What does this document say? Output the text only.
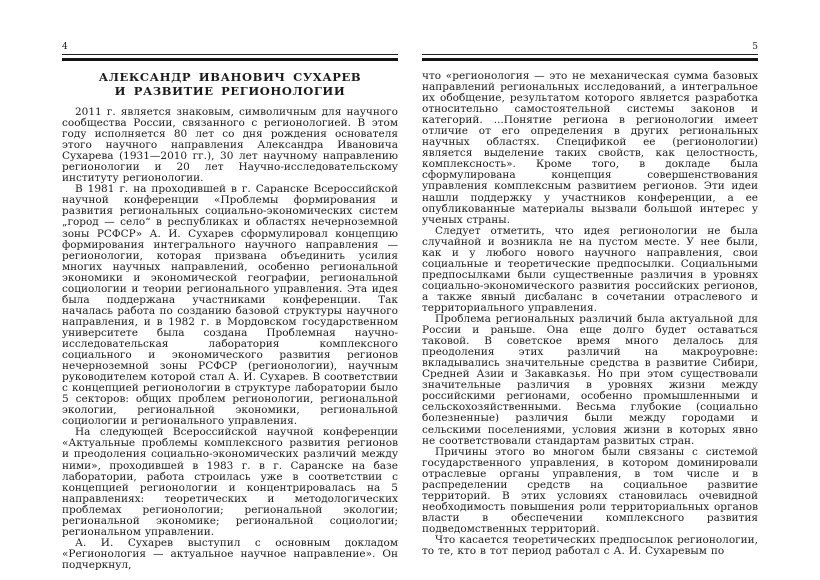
4
АЛЕКСАНДР ИВАНОВИЧ СУХАРЕВ
И РАЗВИТИЕ РЕГИОНОЛОГИИ

2011 г. является знаковым, символичным для научного сообщества России, связанного с регионологией. В этом году исполняется 80 лет со дня рождения основателя этого научного направления Александра Ивановича Сухарева (1931—2010 гг.), 30 лет научному направлению регионологии и 20 лет Научно-исследовательскому институту регионологии.

В 1981 г. на проходившей в г. Саранске Всероссийской научной конференции «Проблемы формирования и развития региональных социально-экономических систем „город — село“ в республиках и областях нечерноземной зоны РСФСР» А. И. Сухарев сформулировал концепцию формирования интегрального научного направления — регионологии, которая призвана объединить усилия многих научных направлений, особенно региональной экономики и экономической географии, региональной социологии и теории регионального управления. Эта идея была поддержана участниками конференции. Так началась работа по созданию базовой структуры научного направления, и в 1982 г. в Мордовском государственном университете была создана Проблемная научно-исследовательская лаборатория комплексного социального и экономического развития регионов нечерноземной зоны РСФСР (регионологии), научным руководителем которой стал А. И. Сухарев. В соответствии с концепцией регионологии в структуре лаборатории было 5 секторов: общих проблем регионологии, региональной экологии, региональной экономики, региональной социологии и регионального управления.

На следующей Всероссийской научной конференции «Актуальные проблемы комплексного развития регионов и преодоления социально-экономических различий между ними», проходившей в 1983 г. в г. Саранске на базе лаборатории, работа строилась уже в соответствии с концепцией регионологии и концентрировалась на 5 направлениях: теоретических и методологических проблемах регионологии; региональной экологии; региональной экономике; региональной социологии; региональном управлении.

А. И. Сухарев выступил с основным докладом «Регионология — актуальное научное направление». Он подчеркнул,

5

что «регионология — это не механическая сумма базовых направлений региональных исследований, а интегральное их обобщение, результатом которого является разработка относительно самостоятельной системы законов и категорий. ...Понятие региона в регионологии имеет отличие от его определения в других региональных научных областях. Спецификой ее (регионологии) является выделение таких свойств, как целостность, комплексность». Кроме того, в докладе была сформулирована концепция совершенствования управления комплексным развитием регионов. Эти идеи нашли поддержку у участников конференции, а ее опубликованные материалы вызвали большой интерес у ученых страны.

Следует отметить, что идея регионологии не была случайной и возникла не на пустом месте. У нее были, как и у любого нового научного направления, свои социальные и теоретические предпосылки. Социальными предпосылками были существенные различия в уровнях социально-экономического развития российских регионов, а также явный дисбаланс в сочетании отраслевого и территориального управления.

Проблема региональных различий была актуальной для России и раньше. Она еще долго будет оставаться таковой. В советское время много делалось для преодоления этих различий на макроуровне: вкладывались значительные средства в развитие Сибири, Средней Азии и Закавказья. Но при этом существовали значительные различия в уровнях жизни между российскими регионами, особенно промышленными и сельскохозяйственными. Весьма глубокие (социально болезненные) различия были между городами и сельскими поселениями, условия жизни в которых явно не соответствовали стандартам развитых стран.

Причины этого во многом были связаны с системой государственного управления, в котором доминировали отраслевые органы управления, в том числе и в распределении средств на социальное развитие территорий. В этих условиях становилась очевидной необходимость повышения роли территориальных органов власти в обеспечении комплексного развития подведомственных территорий.

Что касается теоретических предпосылок регионологии, то те, кто в тот период работал с А. И. Сухаревым по
